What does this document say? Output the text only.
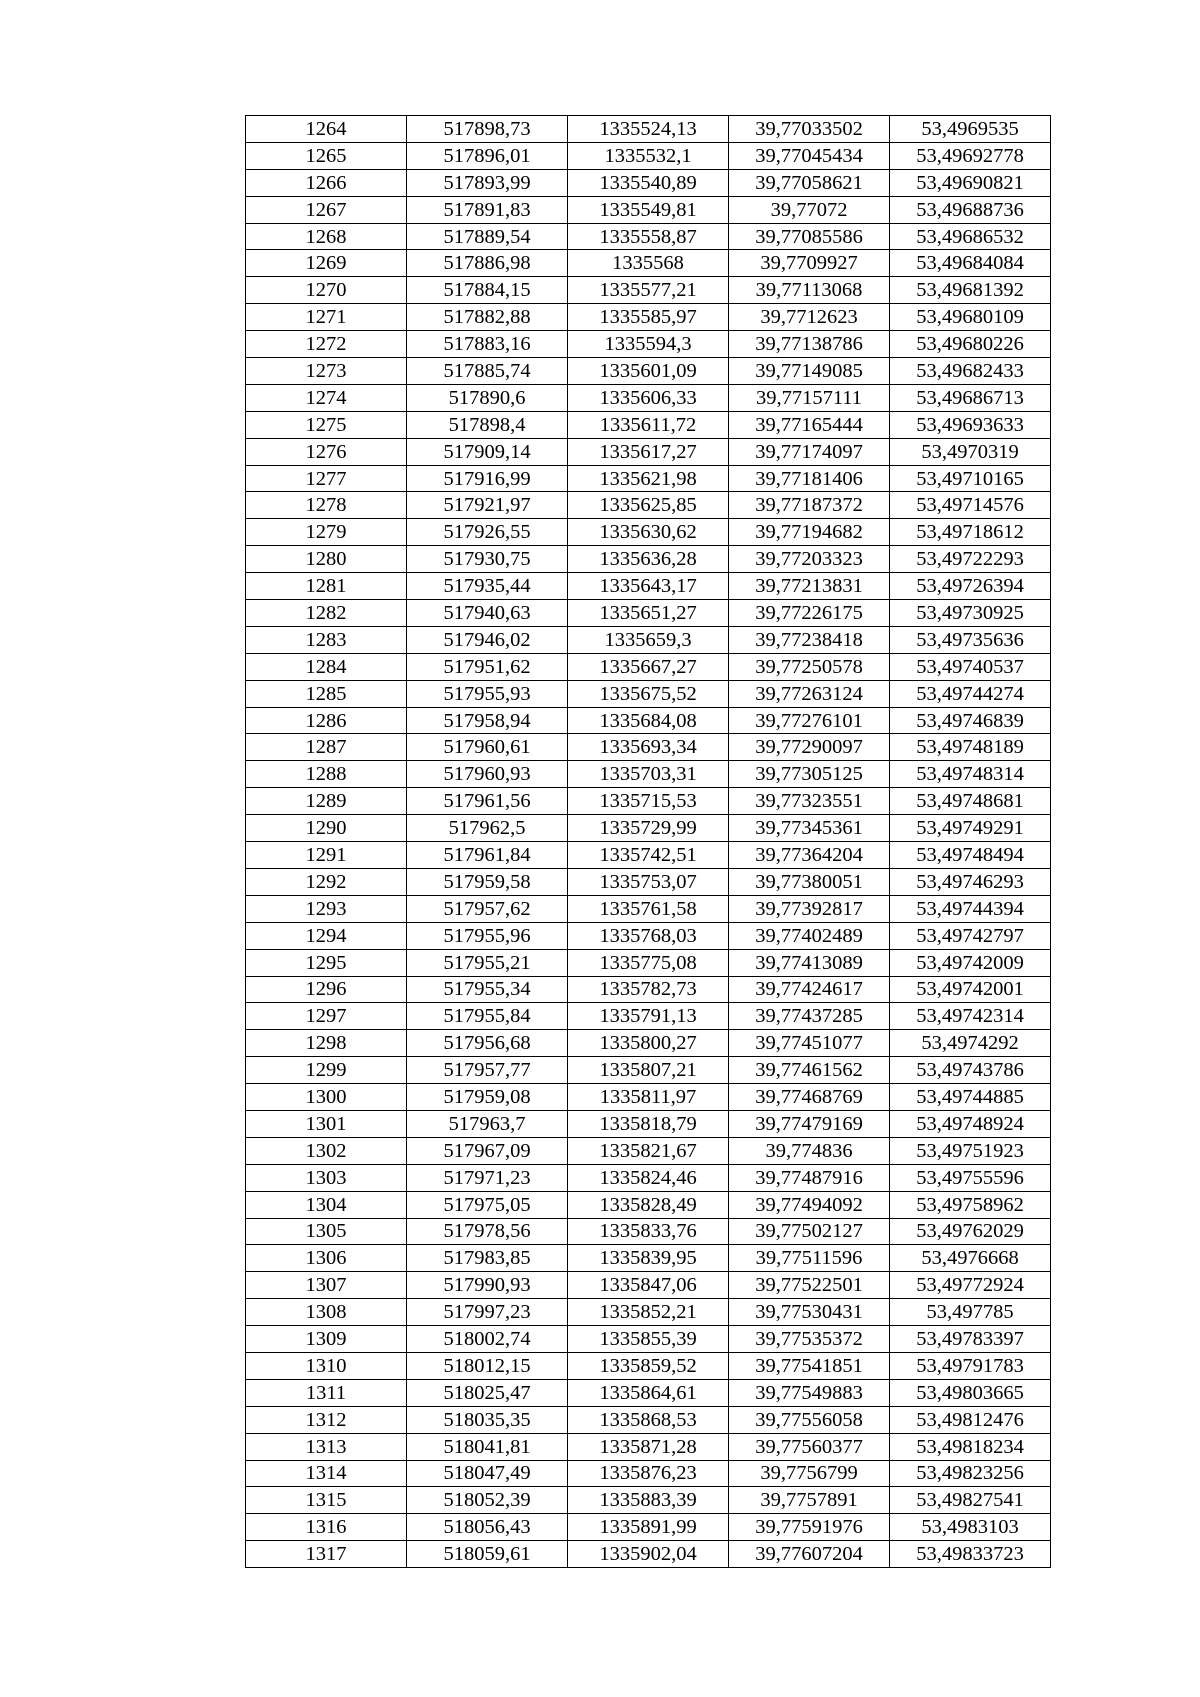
1264	517898,73	1335524,13	39,77033502	53,4969535
1265	517896,01	1335532,1	39,77045434	53,49692778
1266	517893,99	1335540,89	39,77058621	53,49690821
1267	517891,83	1335549,81	39,77072	53,49688736
1268	517889,54	1335558,87	39,77085586	53,49686532
1269	517886,98	1335568	39,7709927	53,49684084
1270	517884,15	1335577,21	39,77113068	53,49681392
1271	517882,88	1335585,97	39,7712623	53,49680109
1272	517883,16	1335594,3	39,77138786	53,49680226
1273	517885,74	1335601,09	39,77149085	53,49682433
1274	517890,6	1335606,33	39,77157111	53,49686713
1275	517898,4	1335611,72	39,77165444	53,49693633
1276	517909,14	1335617,27	39,77174097	53,4970319
1277	517916,99	1335621,98	39,77181406	53,49710165
1278	517921,97	1335625,85	39,77187372	53,49714576
1279	517926,55	1335630,62	39,77194682	53,49718612
1280	517930,75	1335636,28	39,77203323	53,49722293
1281	517935,44	1335643,17	39,77213831	53,49726394
1282	517940,63	1335651,27	39,77226175	53,49730925
1283	517946,02	1335659,3	39,77238418	53,49735636
1284	517951,62	1335667,27	39,77250578	53,49740537
1285	517955,93	1335675,52	39,77263124	53,49744274
1286	517958,94	1335684,08	39,77276101	53,49746839
1287	517960,61	1335693,34	39,77290097	53,49748189
1288	517960,93	1335703,31	39,77305125	53,49748314
1289	517961,56	1335715,53	39,77323551	53,49748681
1290	517962,5	1335729,99	39,77345361	53,49749291
1291	517961,84	1335742,51	39,77364204	53,49748494
1292	517959,58	1335753,07	39,77380051	53,49746293
1293	517957,62	1335761,58	39,77392817	53,49744394
1294	517955,96	1335768,03	39,77402489	53,49742797
1295	517955,21	1335775,08	39,77413089	53,49742009
1296	517955,34	1335782,73	39,77424617	53,49742001
1297	517955,84	1335791,13	39,77437285	53,49742314
1298	517956,68	1335800,27	39,77451077	53,4974292
1299	517957,77	1335807,21	39,77461562	53,49743786
1300	517959,08	1335811,97	39,77468769	53,49744885
1301	517963,7	1335818,79	39,77479169	53,49748924
1302	517967,09	1335821,67	39,774836	53,49751923
1303	517971,23	1335824,46	39,77487916	53,49755596
1304	517975,05	1335828,49	39,77494092	53,49758962
1305	517978,56	1335833,76	39,77502127	53,49762029
1306	517983,85	1335839,95	39,77511596	53,4976668
1307	517990,93	1335847,06	39,77522501	53,49772924
1308	517997,23	1335852,21	39,77530431	53,497785
1309	518002,74	1335855,39	39,77535372	53,49783397
1310	518012,15	1335859,52	39,77541851	53,49791783
1311	518025,47	1335864,61	39,77549883	53,49803665
1312	518035,35	1335868,53	39,77556058	53,49812476
1313	518041,81	1335871,28	39,77560377	53,49818234
1314	518047,49	1335876,23	39,7756799	53,49823256
1315	518052,39	1335883,39	39,7757891	53,49827541
1316	518056,43	1335891,99	39,77591976	53,4983103
1317	518059,61	1335902,04	39,77607204	53,49833723
